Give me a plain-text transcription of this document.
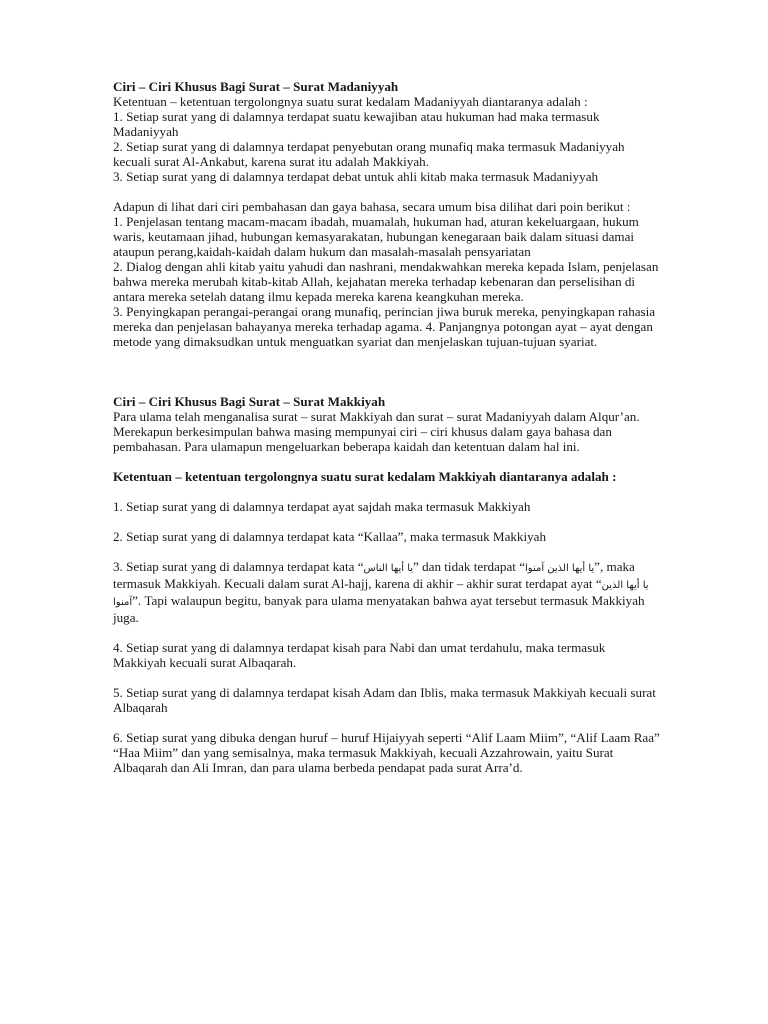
Ciri – Ciri Khusus Bagi Surat – Surat Madaniyyah

Ketentuan – ketentuan tergolongnya suatu surat kedalam Madaniyyah diantaranya adalah :

1. Setiap surat yang di dalamnya terdapat suatu kewajiban atau hukuman had maka termasuk Madaniyyah

2. Setiap surat yang di dalamnya terdapat penyebutan orang munafiq maka termasuk Madaniyyah kecuali surat Al-Ankabut, karena surat itu adalah Makkiyah.

3. Setiap surat yang di dalamnya terdapat debat untuk ahli kitab maka termasuk Madaniyyah

Adapun di lihat dari ciri pembahasan dan gaya bahasa, secara umum bisa dilihat dari poin berikut :

1. Penjelasan tentang macam-macam ibadah, muamalah, hukuman had, aturan kekeluargaan, hukum waris, keutamaan jihad, hubungan kemasyarakatan, hubungan kenegaraan baik dalam situasi damai ataupun perang,kaidah-kaidah dalam hukum dan masalah-masalah pensyariatan

2. Dialog dengan ahli kitab yaitu yahudi dan nashrani, mendakwahkan mereka kepada Islam, penjelasan bahwa mereka merubah kitab-kitab Allah, kejahatan mereka terhadap kebenaran dan perselisihan di antara mereka setelah datang ilmu kepada mereka karena keangkuhan mereka.

3. Penyingkapan perangai-perangai orang munafiq, perincian jiwa buruk mereka, penyingkapan rahasia mereka dan penjelasan bahayanya mereka terhadap agama. 4. Panjangnya potongan ayat – ayat dengan metode yang dimaksudkan untuk menguatkan syariat dan menjelaskan tujuan-tujuan syariat.

Ciri – Ciri Khusus Bagi Surat – Surat Makkiyah

Para ulama telah menganalisa surat – surat Makkiyah dan surat – surat Madaniyyah dalam Alqur’an. Merekapun berkesimpulan bahwa masing mempunyai ciri – ciri khusus dalam gaya bahasa dan pembahasan. Para ulamapun mengeluarkan beberapa kaidah dan ketentuan dalam hal ini.

Ketentuan – ketentuan tergolongnya suatu surat kedalam Makkiyah diantaranya adalah :

1. Setiap surat yang di dalamnya terdapat ayat sajdah maka termasuk Makkiyah

2. Setiap surat yang di dalamnya terdapat kata “Kallaa”, maka termasuk Makkiyah

3. Setiap surat yang di dalamnya terdapat kata “يا أيها الناس” dan tidak terdapat “يا أيها الذين آمنوا”, maka termasuk Makkiyah. Kecuali dalam surat Al-hajj, karena di akhir – akhir surat terdapat ayat “يا أيها الذين آمنوا”. Tapi walaupun begitu, banyak para ulama menyatakan bahwa ayat tersebut termasuk Makkiyah juga.

4. Setiap surat yang di dalamnya terdapat kisah para Nabi dan umat terdahulu, maka termasuk Makkiyah kecuali surat Albaqarah.

5. Setiap surat yang di dalamnya terdapat kisah Adam dan Iblis, maka termasuk Makkiyah kecuali surat Albaqarah

6. Setiap surat yang dibuka dengan huruf – huruf Hijaiyyah seperti “Alif Laam Miim”, “Alif Laam Raa” “Haa Miim” dan yang semisalnya, maka termasuk Makkiyah, kecuali Azzahrowain, yaitu Surat Albaqarah dan Ali Imran, dan para ulama berbeda pendapat pada surat Arra’d.
